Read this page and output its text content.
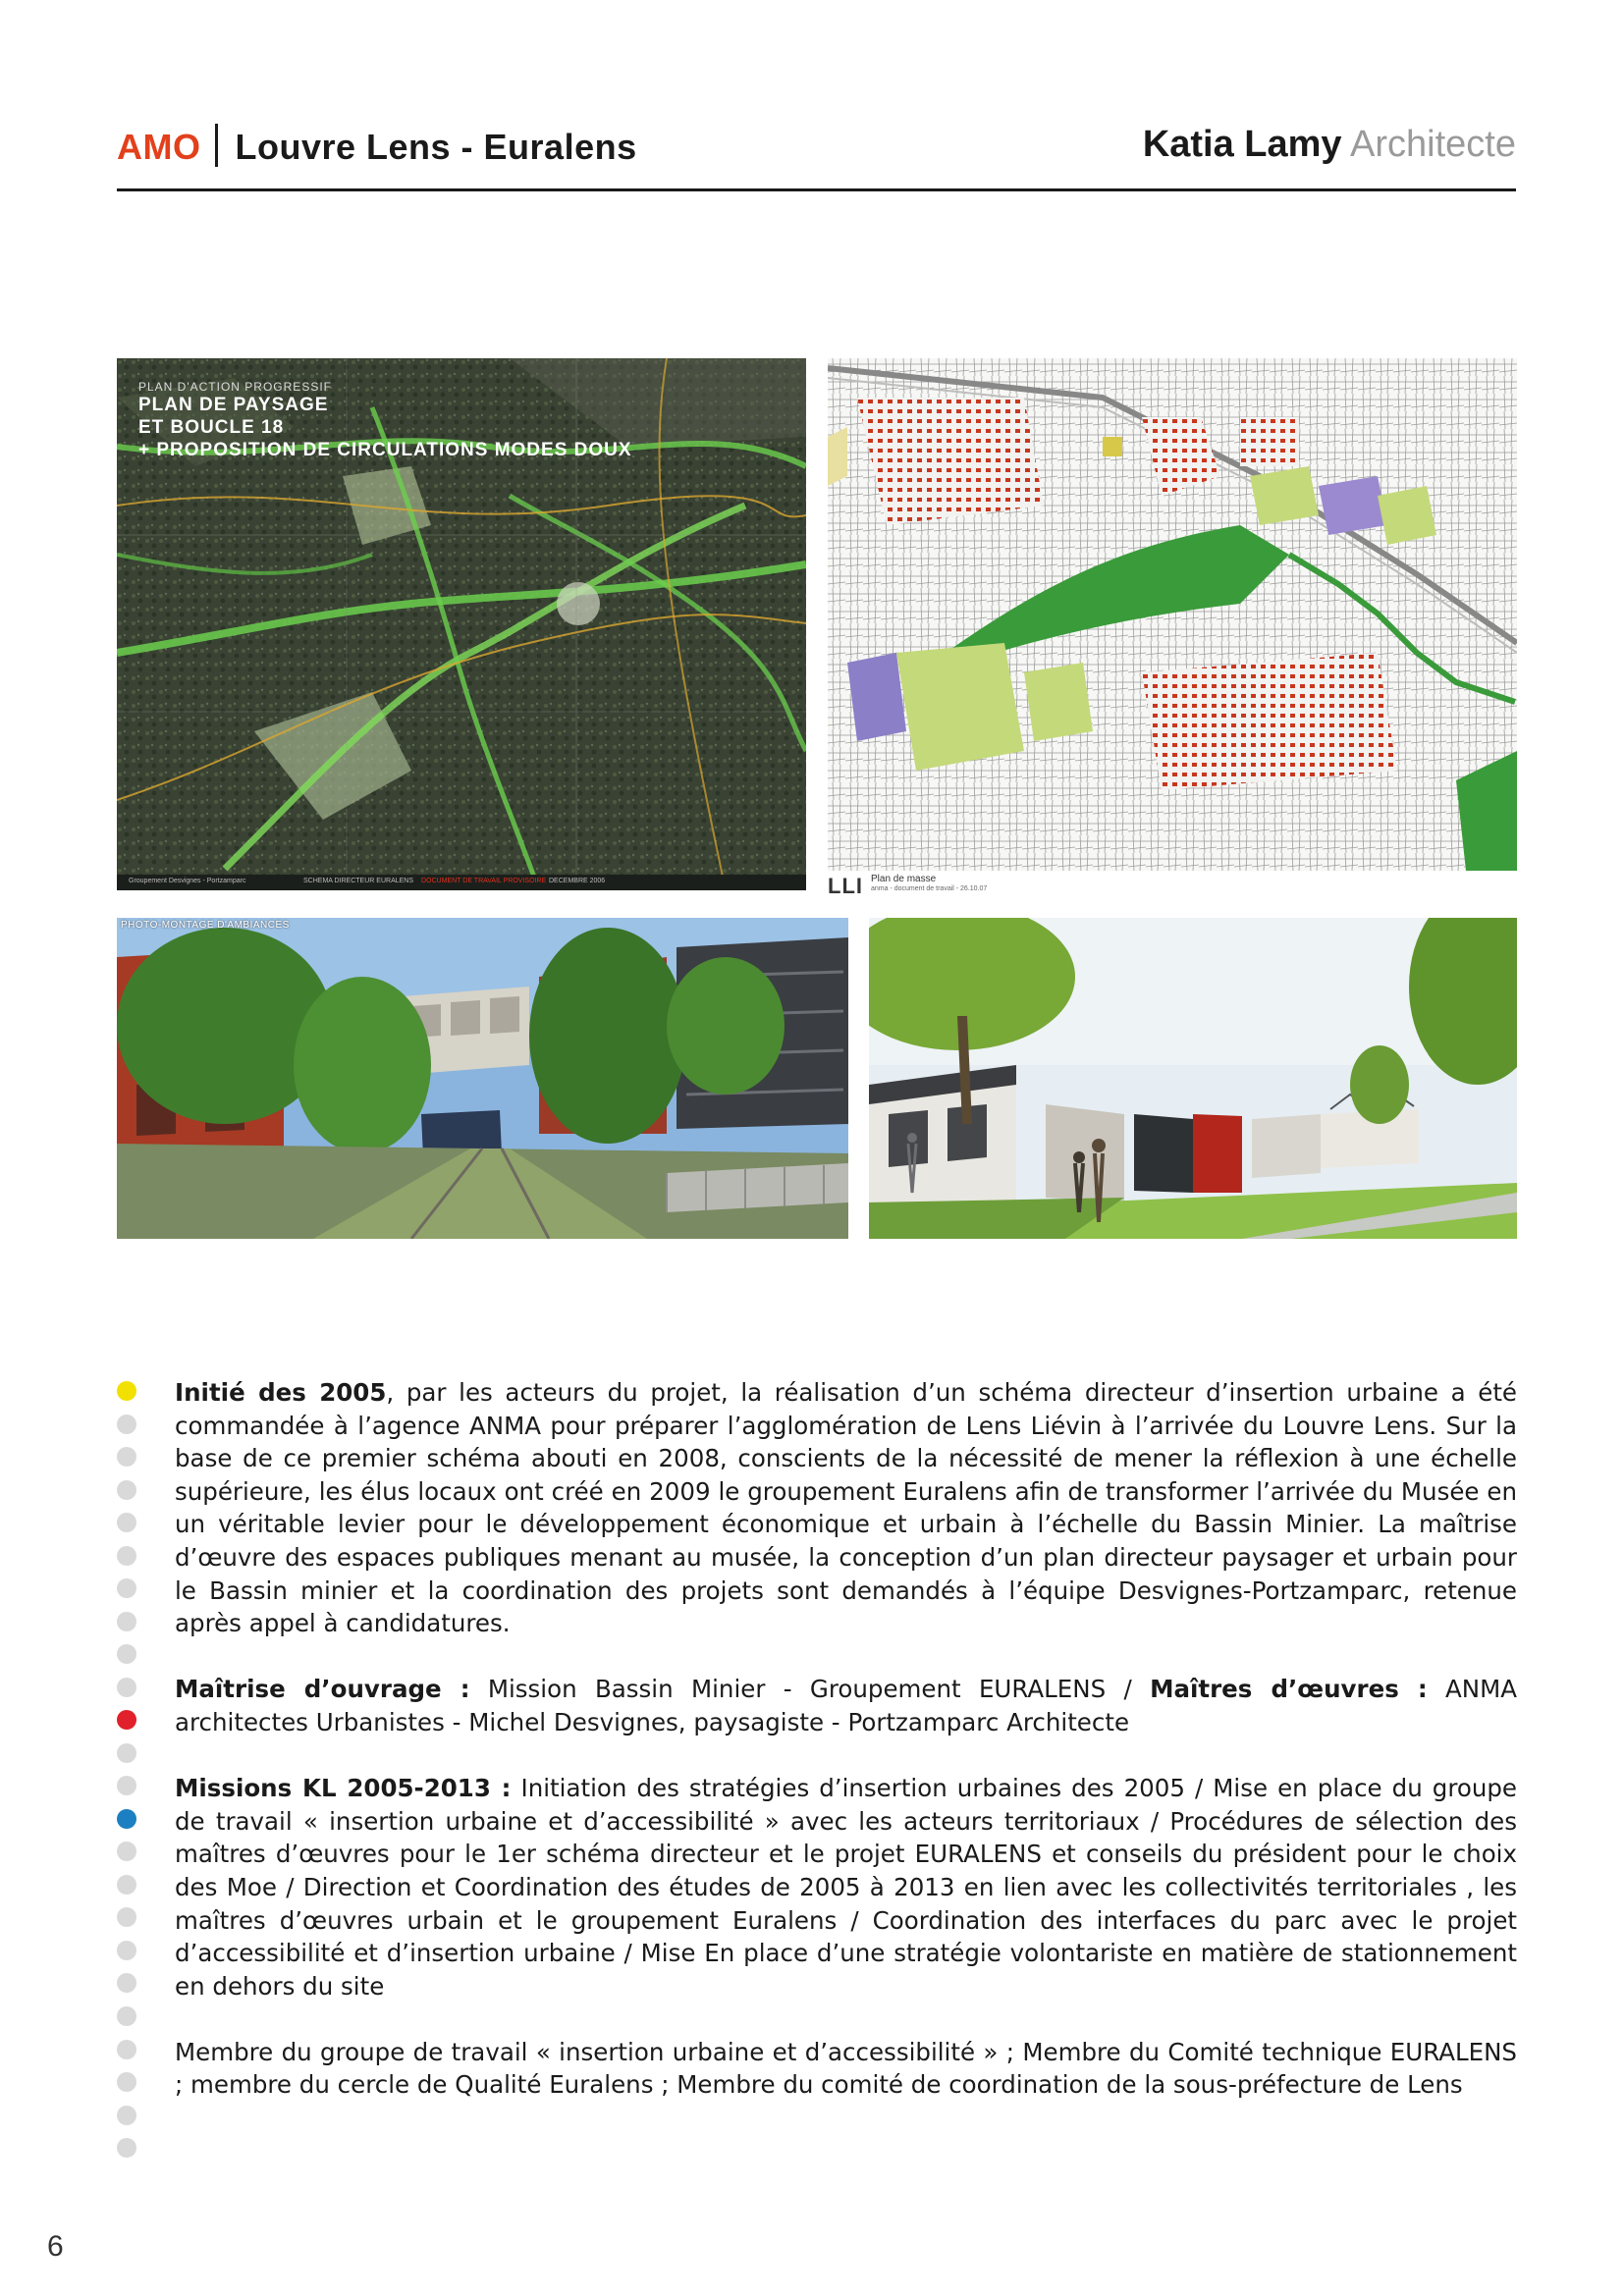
AMO Louvre Lens - Euralens	Katia Lamy Architecte
PLAN D'ACTION PROGRESSIF
PLAN DE PAYSAGE
ET BOUCLE 18
+ PROPOSITION DE CIRCULATIONS MODES DOUX
Groupement Desvignes - Portzamparc	SCHEMA DIRECTEUR EURALENS DOCUMENT DE TRAVAIL PROVISOIRE DECEMBRE 2006	LLI Plan de masse
anma - document de travail - 26.10.07
PHOTO-MONTAGE D'AMBIANCES

Initié des 2005, par les acteurs du projet, la réalisation d’un schéma directeur d’insertion urbaine a été commandée à l’agence ANMA pour préparer l’agglomération de Lens Liévin à l’arrivée du Louvre Lens. Sur la base de ce premier schéma abouti en 2008, conscients de la nécessité de mener la réflexion à une échelle supérieure, les élus locaux ont créé en 2009 le groupement Euralens afin de transformer l’arrivée du Musée en un véritable levier pour le développement économique et urbain à l’échelle du Bassin Minier. La maîtrise d’œuvre des espaces publiques menant au musée, la conception d’un plan directeur paysager et urbain pour le Bassin minier et la coordination des projets sont demandés à l’équipe Desvignes-Portzamparc, retenue après appel à candidatures.

Maîtrise d’ouvrage : Mission Bassin Minier - Groupement EURALENS / Maîtres d’œuvres : ANMA architectes Urbanistes - Michel Desvignes, paysagiste - Portzamparc Architecte

Missions KL 2005-2013 : Initiation des stratégies d’insertion urbaines des 2005 / Mise en place du groupe de travail « insertion urbaine et d’accessibilité » avec les acteurs territoriaux / Procédures de sélection des maîtres d’œuvres pour le 1er schéma directeur et le projet EURALENS et conseils du président pour le choix des Moe / Direction et Coordination des études de 2005 à 2013 en lien avec les collectivités territoriales , les maîtres d’œuvres urbain et le groupement Euralens / Coordination des interfaces du parc avec le projet d’accessibilité et d’insertion urbaine / Mise En place d’une stratégie volontariste en matière de stationnement en dehors du site

Membre du groupe de travail « insertion urbaine et d’accessibilité » ; Membre du Comité technique EURALENS ; membre du cercle de Qualité Euralens ; Membre du comité de coordination de la sous-préfecture de Lens

6
